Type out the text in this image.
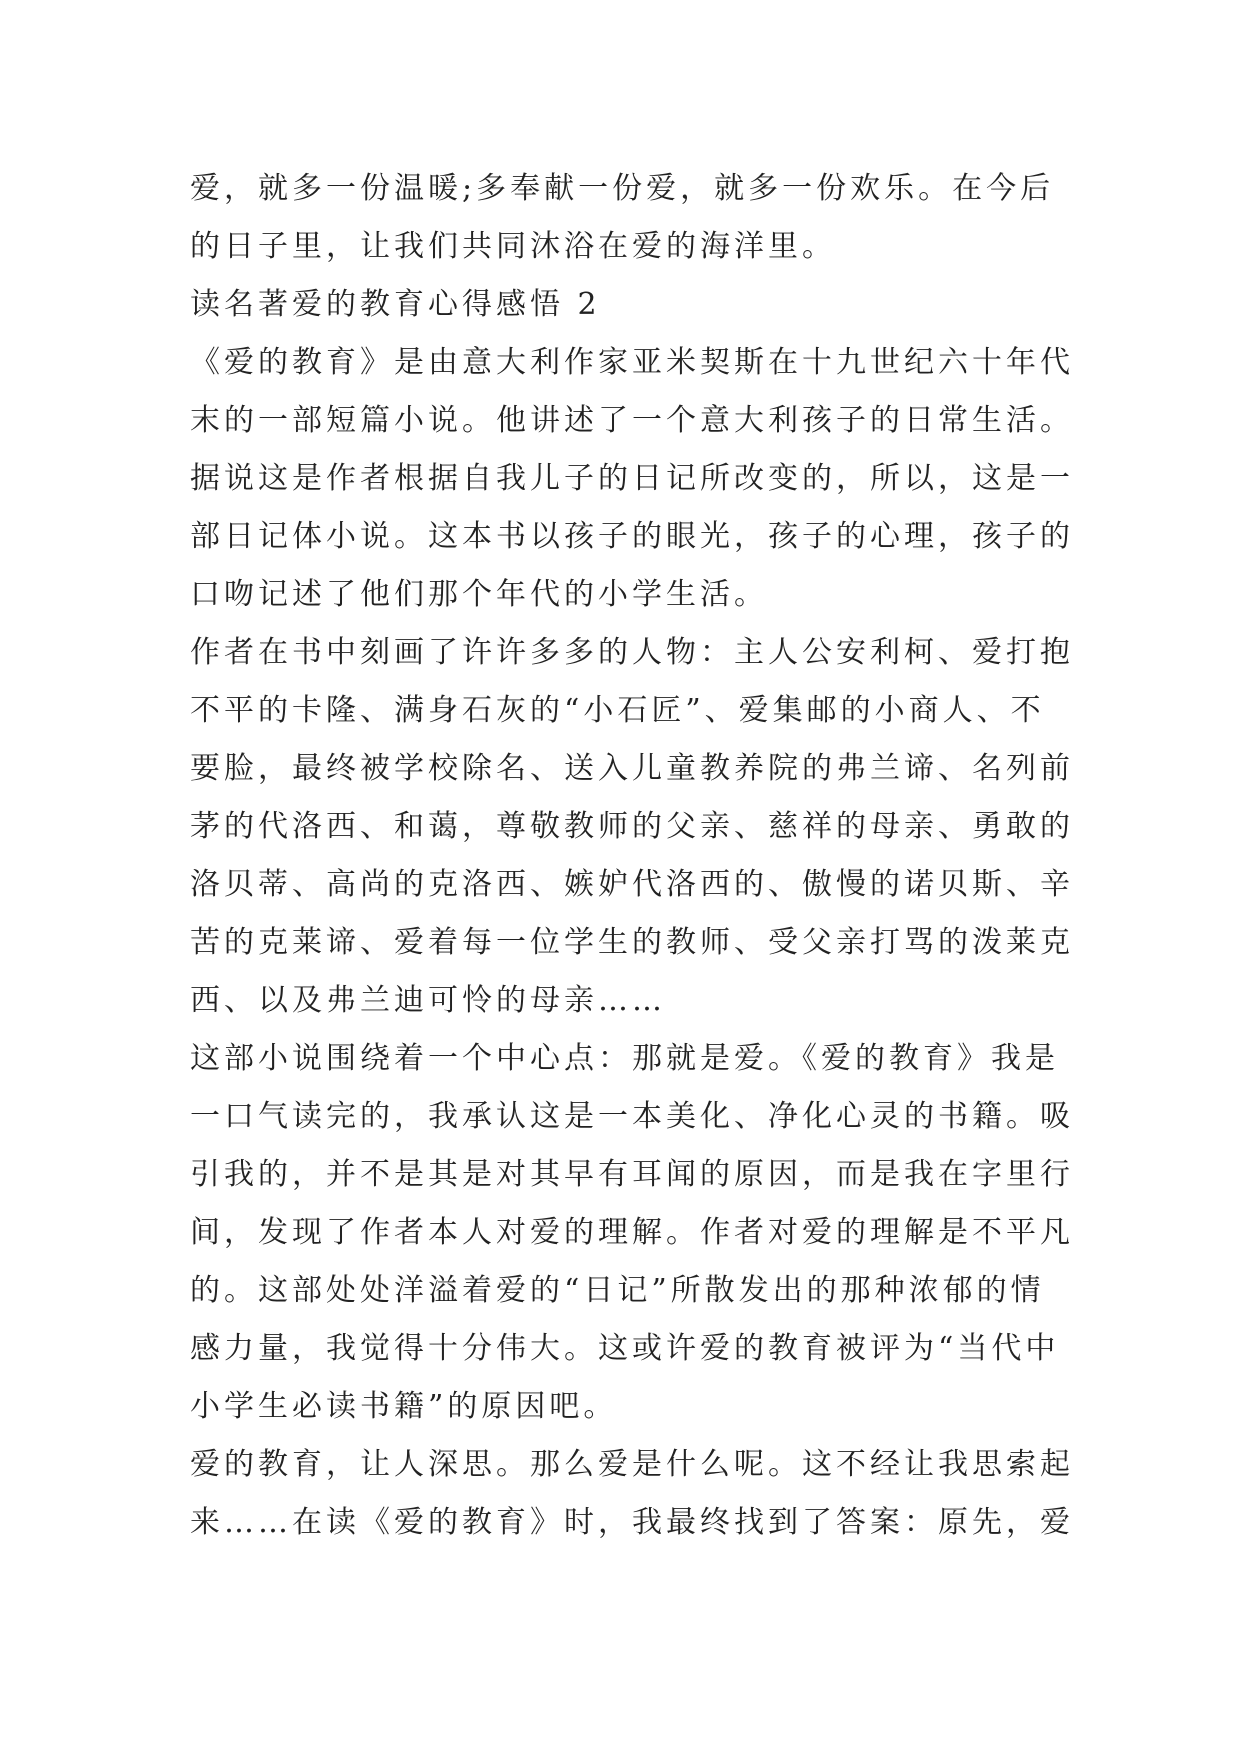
爱，就多一份温暖;多奉献一份爱，就多一份欢乐。在今后
的日子里，让我们共同沐浴在爱的海洋里。
读名著爱的教育心得感悟 2
《爱的教育》是由意大利作家亚米契斯在十九世纪六十年代
末的一部短篇小说。他讲述了一个意大利孩子的日常生活。
据说这是作者根据自我儿子的日记所改变的，所以，这是一
部日记体小说。这本书以孩子的眼光，孩子的心理，孩子的
口吻记述了他们那个年代的小学生活。
作者在书中刻画了许许多多的人物：主人公安利柯、爱打抱
不平的卡隆、满身石灰的“小石匠”、爱集邮的小商人、不
要脸，最终被学校除名、送入儿童教养院的弗兰谛、名列前
茅的代洛西、和蔼，尊敬教师的父亲、慈祥的母亲、勇敢的
洛贝蒂、高尚的克洛西、嫉妒代洛西的、傲慢的诺贝斯、辛
苦的克莱谛、爱着每一位学生的教师、受父亲打骂的泼莱克
西、以及弗兰迪可怜的母亲……
这部小说围绕着一个中心点：那就是爱。《爱的教育》我是
一口气读完的，我承认这是一本美化、净化心灵的书籍。吸
引我的，并不是其是对其早有耳闻的原因，而是我在字里行
间，发现了作者本人对爱的理解。作者对爱的理解是不平凡
的。这部处处洋溢着爱的“日记”所散发出的那种浓郁的情
感力量，我觉得十分伟大。这或许爱的教育被评为“当代中
小学生必读书籍”的原因吧。
爱的教育，让人深思。那么爱是什么呢。这不经让我思索起
来……在读《爱的教育》时，我最终找到了答案：原先，爱
